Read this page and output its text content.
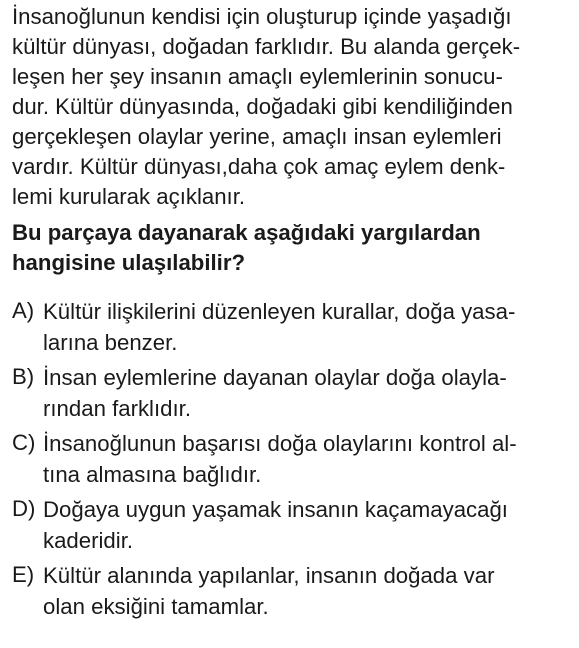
İnsanoğlunun kendisi için oluşturup içinde yaşadığı
kültür dünyası, doğadan farklıdır. Bu alanda gerçek-
leşen her şey insanın amaçlı eylemlerinin sonucu-
dur. Kültür dünyasında, doğadaki gibi kendiliğinden
gerçekleşen olaylar yerine, amaçlı insan eylemleri
vardır. Kültür dünyası,daha çok amaç eylem denk-
lemi kurularak açıklanır.
Bu parçaya dayanarak aşağıdaki yargılardan
hangisine ulaşılabilir?
A) Kültür ilişkilerini düzenleyen kurallar, doğa yasa-
larına benzer.
B) İnsan eylemlerine dayanan olaylar doğa olayla-
rından farklıdır.
C) İnsanoğlunun başarısı doğa olaylarını kontrol al-
tına almasına bağlıdır.
D) Doğaya uygun yaşamak insanın kaçamayacağı
kaderidir.
E) Kültür alanında yapılanlar, insanın doğada var
olan eksiğini tamamlar.
